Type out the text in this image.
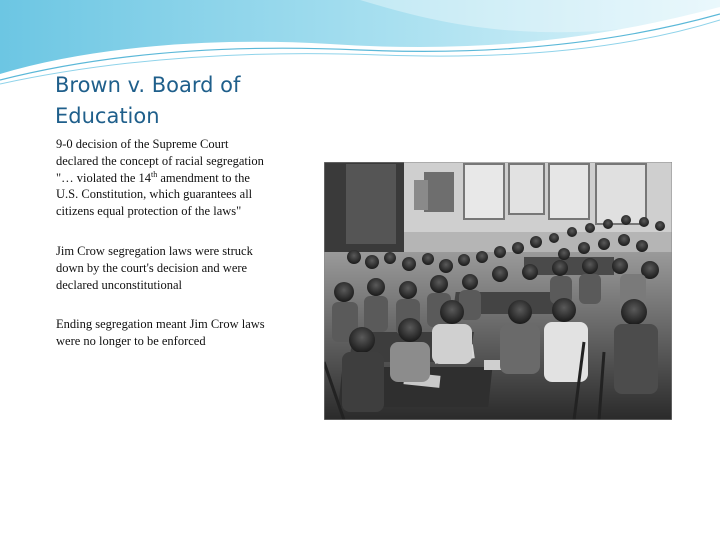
Brown v. Board of Education

9-0 decision of the Supreme Court declared the concept of racial segregation "… violated the 14th amendment to the U.S. Constitution, which guarantees all citizens equal protection of the laws"

Jim Crow segregation laws were struck down by the court's decision and were declared unconstitutional

Ending segregation meant Jim Crow laws were no longer to be enforced
